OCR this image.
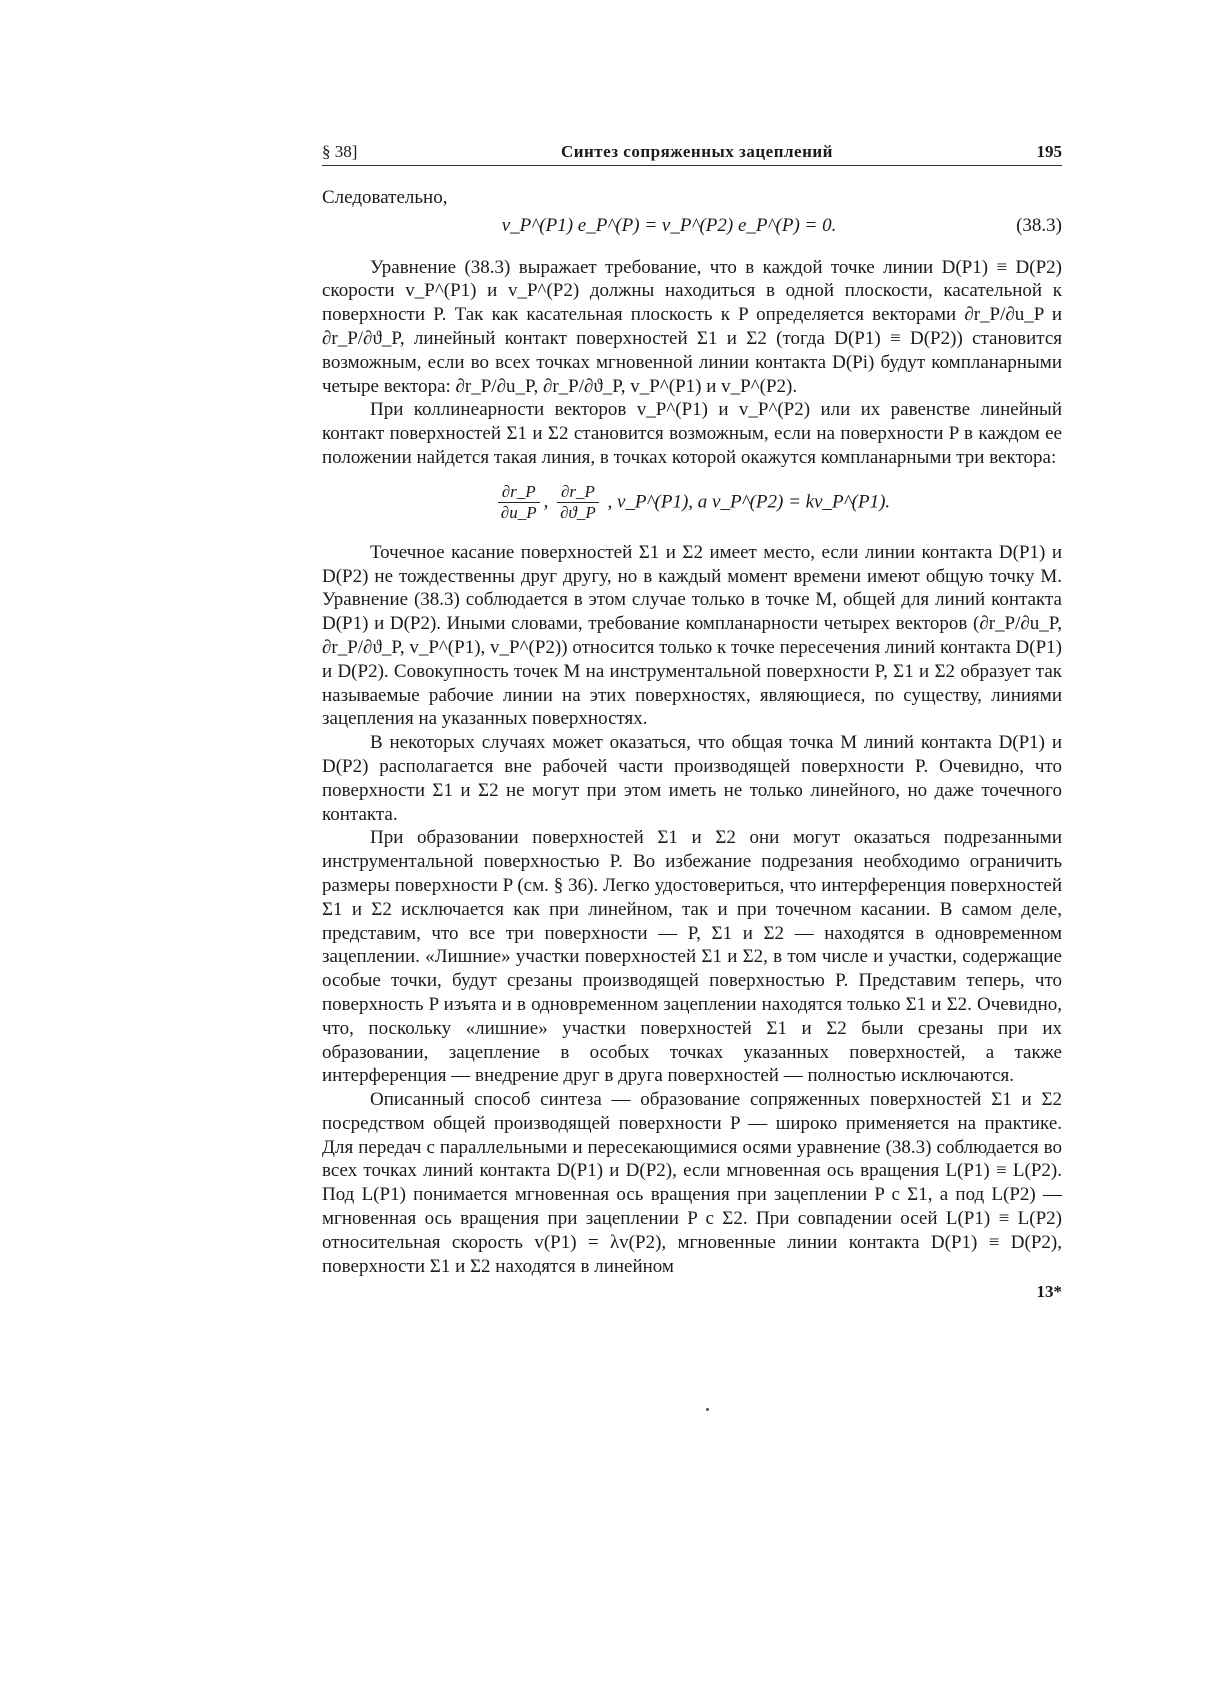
§ 38]	Синтез сопряженных зацеплений	195

Следовательно,

v_P^(P1) e_P^(P) = v_P^(P2) e_P^(P) = 0.	(38.3)

Уравнение (38.3) выражает требование, что в каждой точке линии D(P1) ≡ D(P2) скорости v_P^(P1) и v_P^(P2) должны находиться в одной плоскости, касательной к поверхности P. Так как касательная плоскость к P определяется векторами ∂r_P/∂u_P и ∂r_P/∂ϑ_P, линейный контакт поверхностей Σ1 и Σ2 (тогда D(P1) ≡ D(P2)) становится возможным, если во всех точках мгновенной линии контакта D(Pi) будут компланарными четыре вектора: ∂r_P/∂u_P, ∂r_P/∂ϑ_P, v_P^(P1) и v_P^(P2).

При коллинеарности векторов v_P^(P1) и v_P^(P2) или их равенстве линейный контакт поверхностей Σ1 и Σ2 становится возможным, если на поверхности P в каждом ее положении найдется такая линия, в точках которой окажутся компланарными три вектора:

$\frac{\partial r\_P}{\partial u\_P}$ , $\frac{\partial r\_P}{\partial ϑ\_P}$ , v_P^(P1), а v_P^(P2) = kv_P^(P1).

Точечное касание поверхностей Σ1 и Σ2 имеет место, если линии контакта D(P1) и D(P2) не тождественны друг другу, но в каждый момент времени имеют общую точку M. Уравнение (38.3) соблюдается в этом случае только в точке M, общей для линий контакта D(P1) и D(P2). Иными словами, требование компланарности четырех векторов (∂r_P/∂u_P, ∂r_P/∂ϑ_P, v_P^(P1), v_P^(P2)) относится только к точке пересечения линий контакта D(P1) и D(P2). Совокупность точек M на инструментальной поверхности P, Σ1 и Σ2 образует так называемые рабочие линии на этих поверхностях, являющиеся, по существу, линиями зацепления на указанных поверхностях.

В некоторых случаях может оказаться, что общая точка M линий контакта D(P1) и D(P2) располагается вне рабочей части производящей поверхности P. Очевидно, что поверхности Σ1 и Σ2 не могут при этом иметь не только линейного, но даже точечного контакта.

При образовании поверхностей Σ1 и Σ2 они могут оказаться подрезанными инструментальной поверхностью P. Во избежание подрезания необходимо ограничить размеры поверхности P (см. § 36). Легко удостовериться, что интерференция поверхностей Σ1 и Σ2 исключается как при линейном, так и при точечном касании. В самом деле, представим, что все три поверхности — P, Σ1 и Σ2 — находятся в одновременном зацеплении. «Лишние» участки поверхностей Σ1 и Σ2, в том числе и участки, содержащие особые точки, будут срезаны производящей поверхностью P. Представим теперь, что поверхность P изъята и в одновременном зацеплении находятся только Σ1 и Σ2. Очевидно, что, поскольку «лишние» участки поверхностей Σ1 и Σ2 были срезаны при их образовании, зацепление в особых точках указанных поверхностей, а также интерференция — внедрение друг в друга поверхностей — полностью исключаются.

Описанный способ синтеза — образование сопряженных поверхностей Σ1 и Σ2 посредством общей производящей поверхности P — широко применяется на практике. Для передач с параллельными и пересекающимися осями уравнение (38.3) соблюдается во всех точках линий контакта D(P1) и D(P2), если мгновенная ось вращения L(P1) ≡ L(P2). Под L(P1) понимается мгновенная ось вращения при зацеплении P с Σ1, а под L(P2) — мгновенная ось вращения при зацеплении P с Σ2. При совпадении осей L(P1) ≡ L(P2) относительная скорость v(P1) = λv(P2), мгновенные линии контакта D(P1) ≡ D(P2), поверхности Σ1 и Σ2 находятся в линейном

13*
